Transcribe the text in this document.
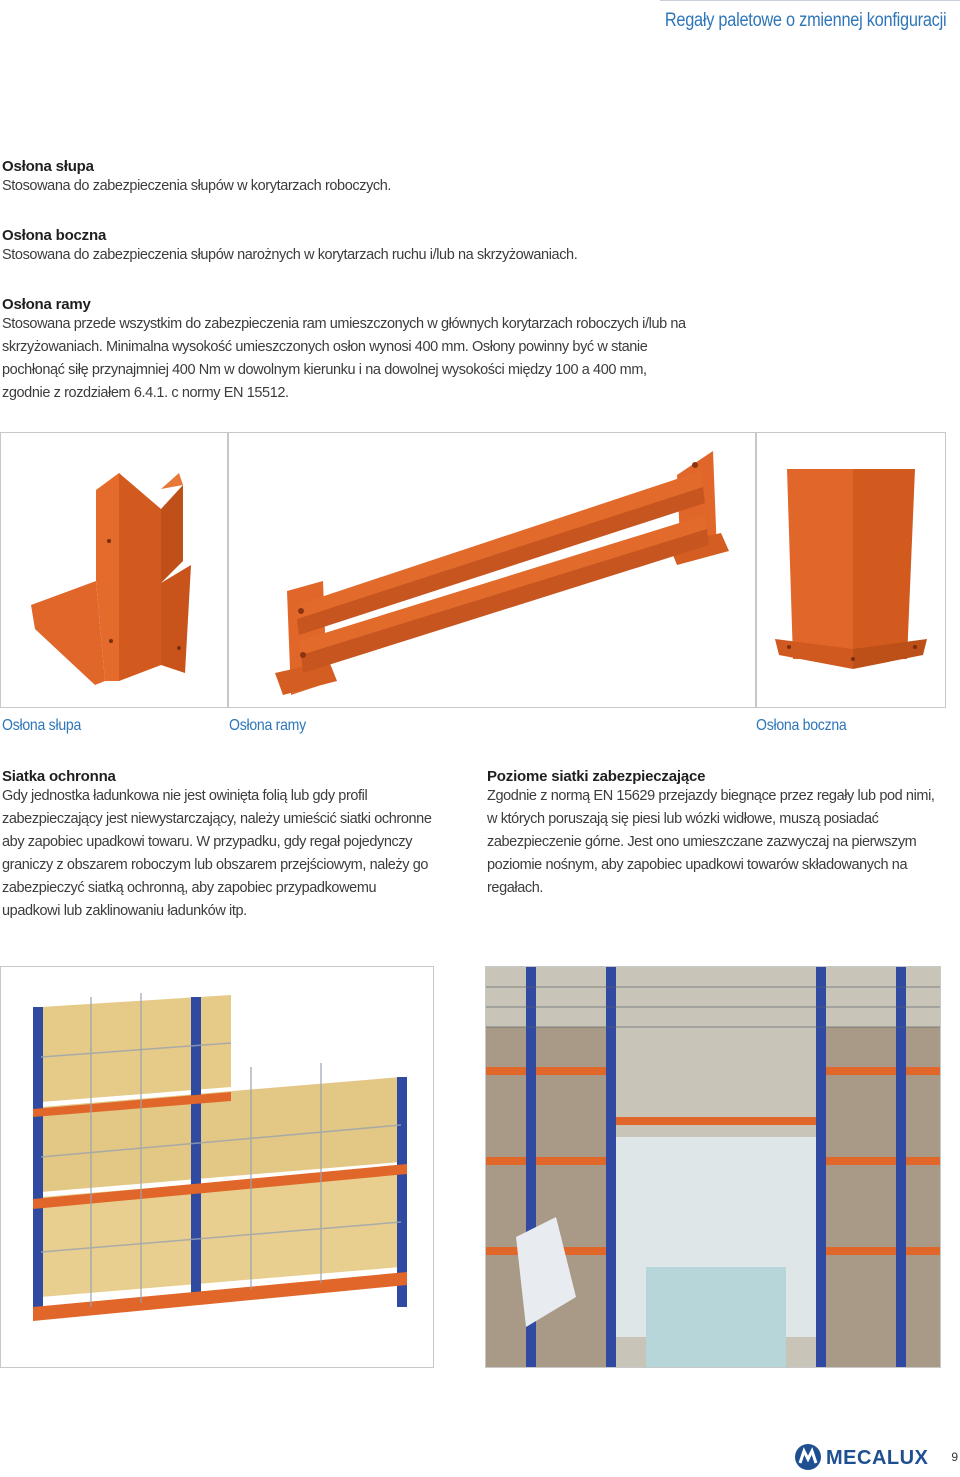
Regały paletowe o zmiennej konfiguracji
Osłona słupa

Stosowana do zabezpieczenia słupów w korytarzach roboczych.

Osłona boczna

Stosowana do zabezpieczenia słupów narożnych w korytarzach ruchu i/lub na skrzyżowaniach.

Osłona ramy

Stosowana przede wszystkim do zabezpieczenia ram umieszczonych w głównych korytarzach roboczych i/lub na skrzyżowaniach. Minimalna wysokość umieszczonych osłon wynosi 400 mm. Osłony powinny być w stanie pochłonąć siłę przynajmniej 400 Nm w dowolnym kierunku i na dowolnej wysokości między 100 a 400 mm, zgodnie z rozdziałem 6.4.1. c normy EN 15512.

Osłona słupa	Osłona ramy	Osłona boczna
Siatka ochronna

Gdy jednostka ładunkowa nie jest owinięta folią lub gdy profil zabezpieczający jest niewystarczający, należy umieścić siatki ochronne aby zapobiec upadkowi towaru. W przypadku, gdy regał pojedynczy graniczy z obszarem roboczym lub obszarem przejściowym, należy go zabezpieczyć siatką ochronną, aby zapobiec przypadkowemu upadkowi lub zaklinowaniu ładunków itp.

Poziome siatki zabezpieczające

Zgodnie z normą EN 15629 przejazdy biegnące przez regały lub pod nimi, w których poruszają się piesi lub wózki widłowe, muszą posiadać zabezpieczenie górne. Jest ono umieszczane zazwyczaj na pierwszym poziomie nośnym, aby zapobiec upadkowi towarów składowanych na regałach.

MECALUX 9
